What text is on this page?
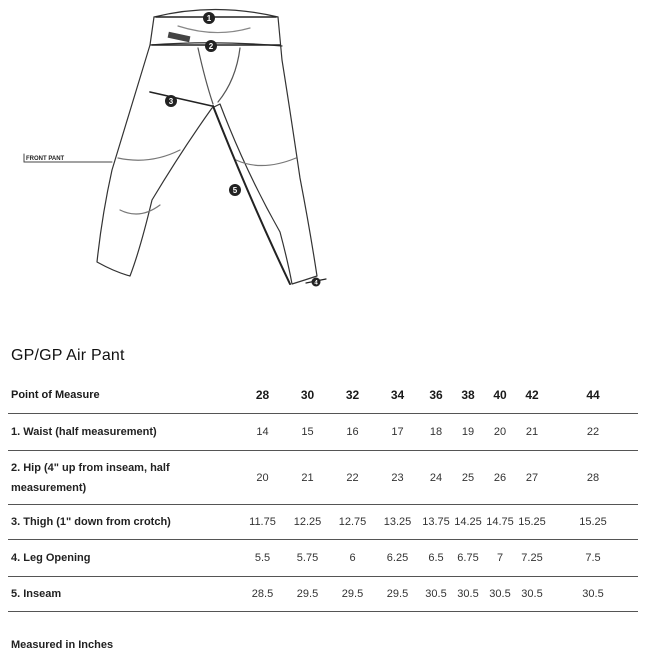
FRONT PANT
1
2
3
4
5
GP/GP Air Pant
Point of Measure	28	30	32	34	36	38	40	42	44
1. Waist (half measurement)	14	15	16	17	18	19	20	21	22
2. Hip (4" up from inseam, half
measurement)	20	21	22	23	24	25	26	27	28
3. Thigh (1" down from crotch)	11.75	12.25	12.75	13.25	13.75	14.25	14.75	15.25	15.25
4. Leg Opening	5.5	5.75	6	6.25	6.5	6.75	7	7.25	7.5
5. Inseam	28.5	29.5	29.5	29.5	30.5	30.5	30.5	30.5	30.5
Measured in Inches
